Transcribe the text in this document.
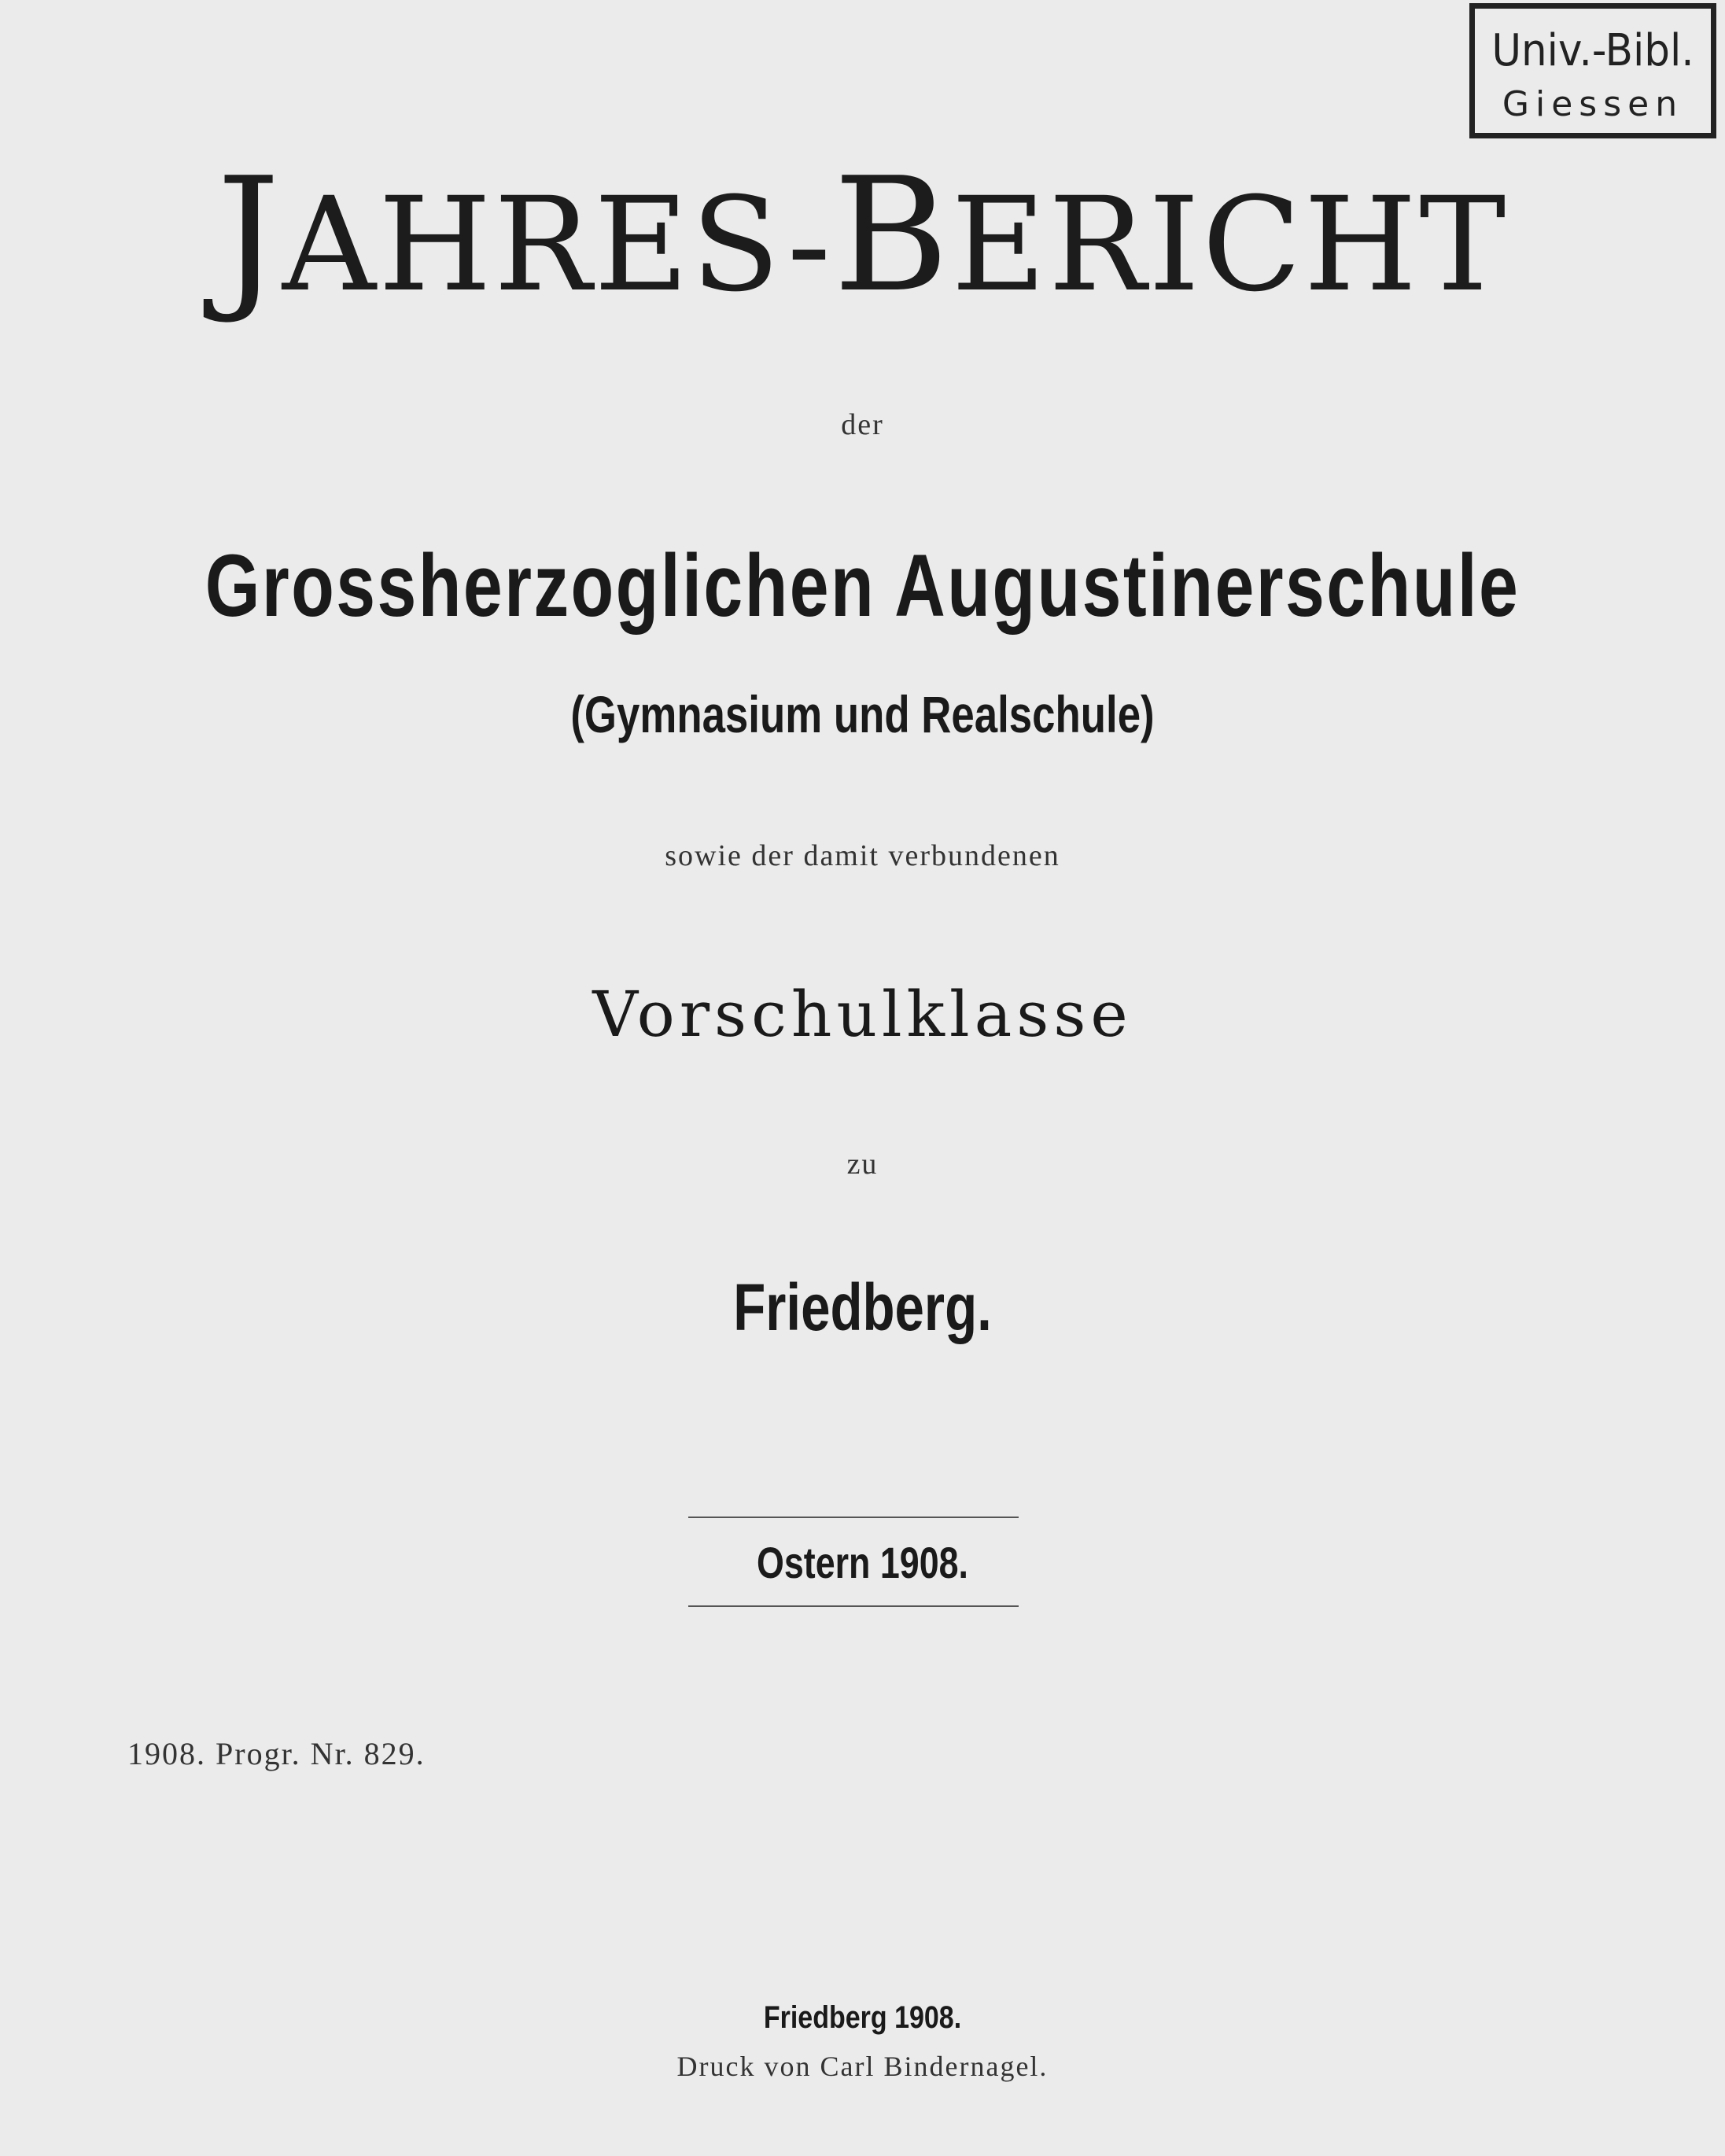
Univ.-Bibl.
Giessen
JAHRES-BERICHT
der
Grossherzoglichen Augustinerschule
(Gymnasium und Realschule)
sowie der damit verbundenen
Vorschulklasse
zu
Friedberg.
Ostern 1908.
1908. Progr. Nr. 829.
Friedberg 1908.
Druck von Carl Bindernagel.
